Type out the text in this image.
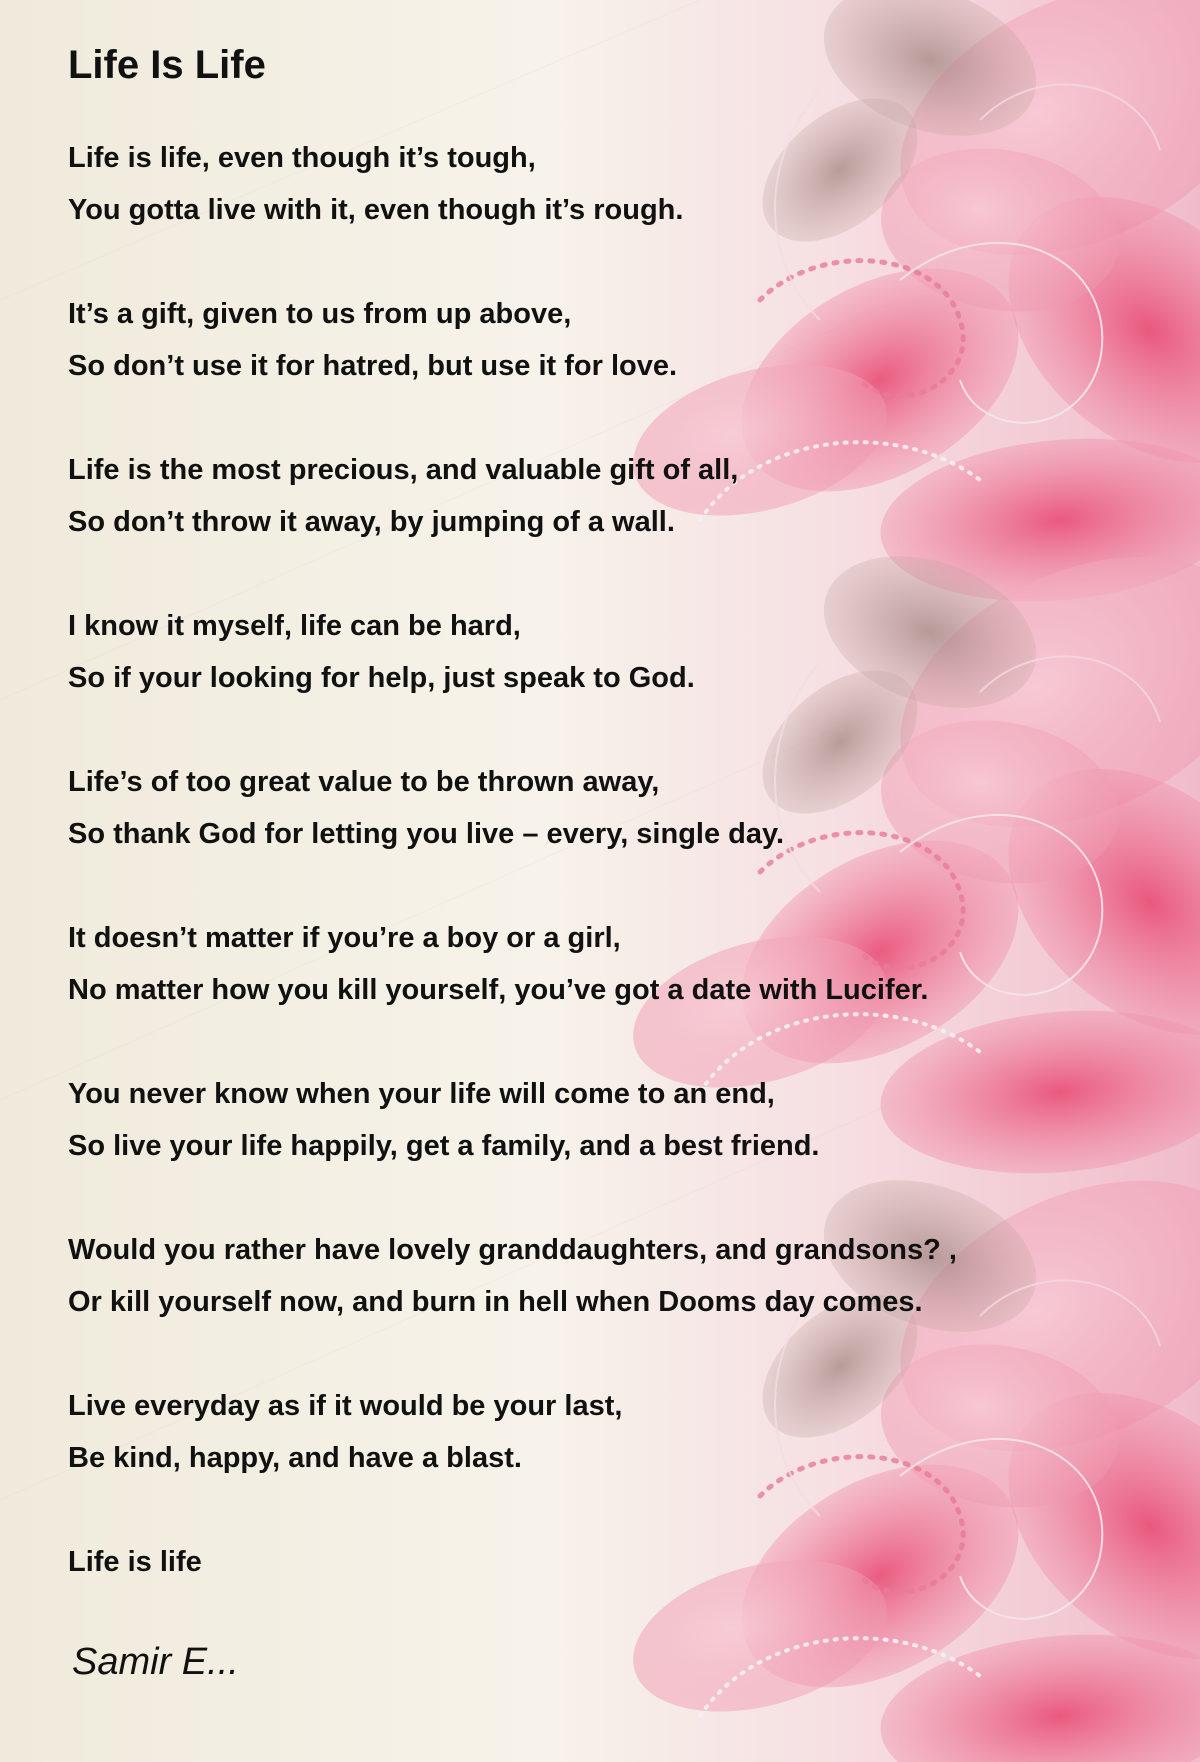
Life Is Life
Life is life, even though it’s tough,
You gotta live with it, even though it’s rough.
It’s a gift, given to us from up above,
So don’t use it for hatred, but use it for love.
Life is the most precious, and valuable gift of all,
So don’t throw it away, by jumping of a wall.
I know it myself, life can be hard,
So if your looking for help, just speak to God.
Life’s of too great value to be thrown away,
So thank God for letting you live – every, single day.
It doesn’t matter if you’re a boy or a girl,
No matter how you kill yourself, you’ve got a date with Lucifer.
You never know when your life will come to an end,
So live your life happily, get a family, and a best friend.
Would you rather have lovely granddaughters, and grandsons? ,
Or kill yourself now, and burn in hell when Dooms day comes.
Live everyday as if it would be your last,
Be kind, happy, and have a blast.
Life is life
Samir E...
